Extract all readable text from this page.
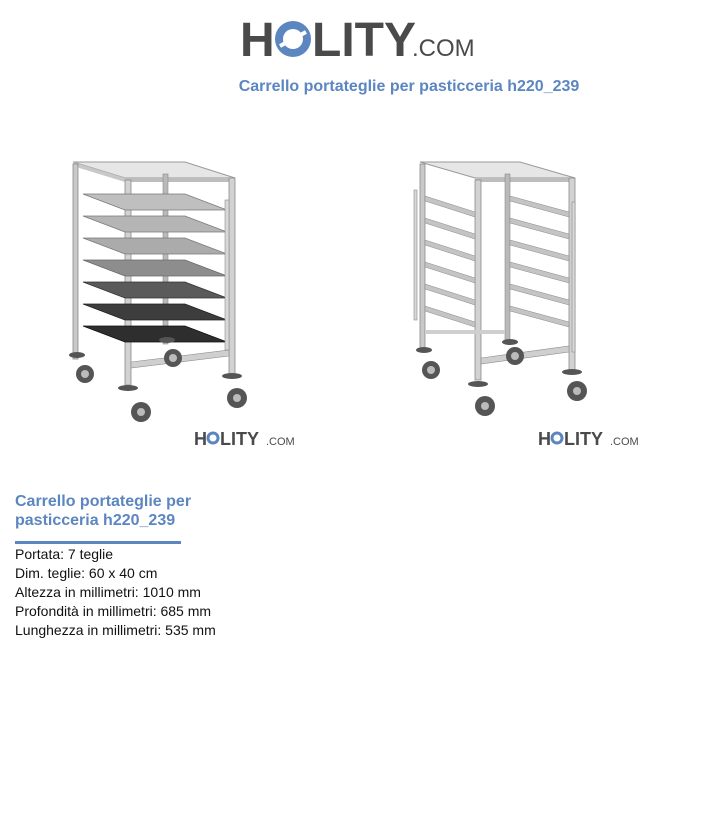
H LITY
.COM
Carrello portateglie per pasticceria h220_239
H LITY .COM	H LITY .COM
Carrello portateglie per
pasticceria h220_239
Portata: 7 teglie
Dim. teglie: 60 x 40 cm
Altezza in millimetri: 1010 mm
Profondità in millimetri: 685 mm
Lunghezza in millimetri: 535 mm
